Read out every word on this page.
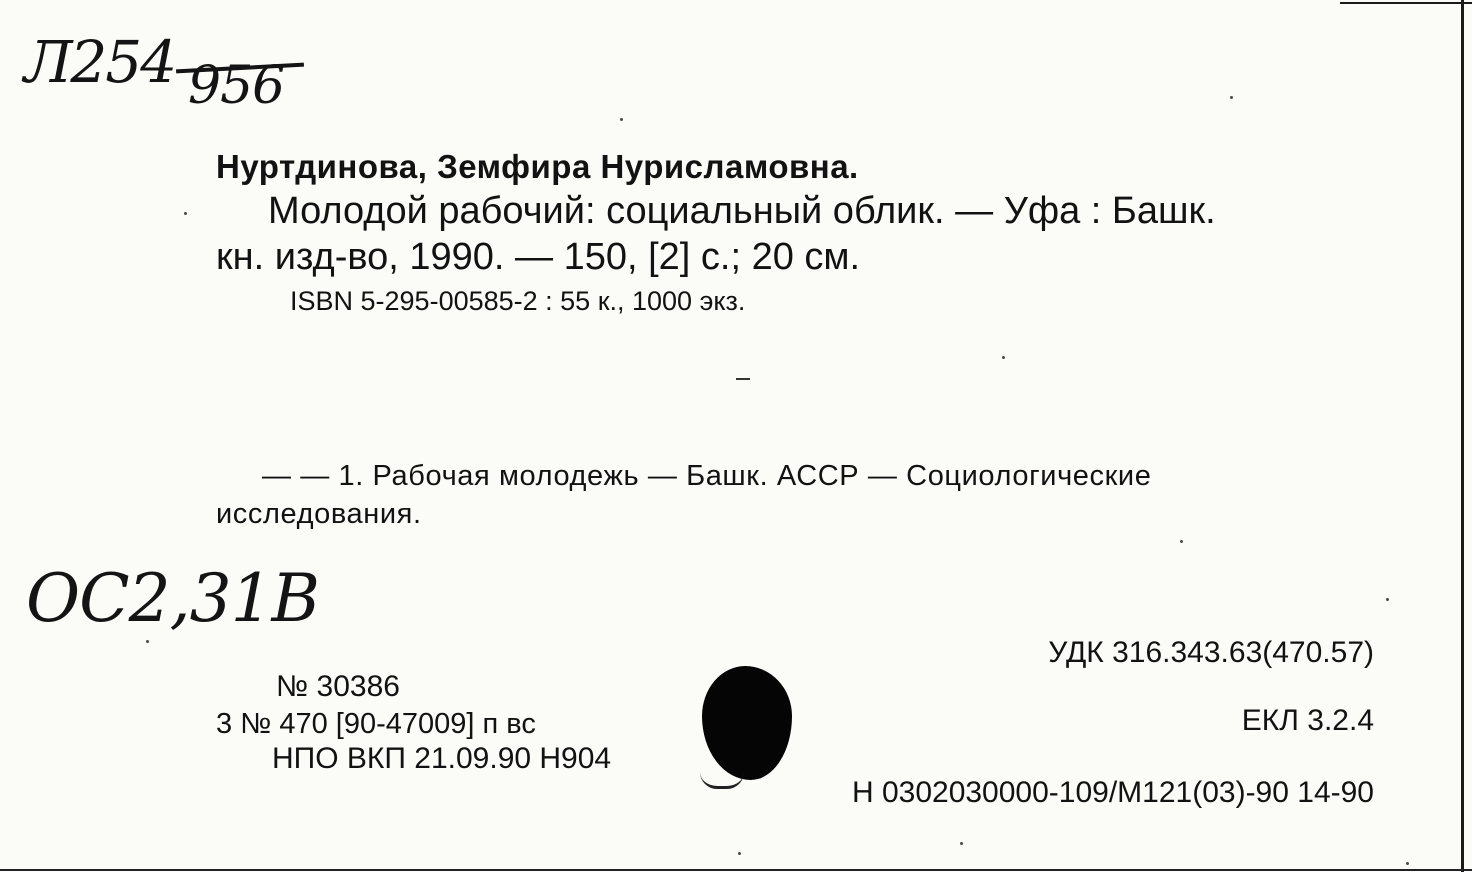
Л254 956
Нуртдинова, Земфира Нурисламовна.
Молодой рабочий: социальный облик. — Уфа : Башк.
кн. изд-во, 1990. — 150, [2] с.; 20 см.
ISBN 5-295-00585-2 : 55 к., 1000 экз.
— — 1. Рабочая молодежь — Башк. АССР — Социологические
исследования.
ОС2,31В
УДК 316.343.63(470.57)
№ 30386
3 № 470 [90-47009] п вс
НПО ВКП 21.09.90 Н904
ЕКЛ 3.2.4
Н 0302030000-109/М121(03)-90 14-90
